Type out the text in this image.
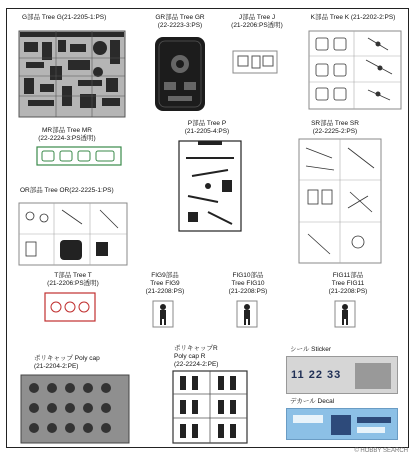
G部品 Tree G(21-2205-1:PS)	GR部品 Tree GR
(22-2223-3:PS)
J部品 Tree J
(21-2206:PS透明)
K部品 Tree K (21-2202-2:PS)
MR部品 Tree MR
(22-2224-3:PS透明)
P部品 Tree P
(21-2205-4:PS)
SR部品 Tree SR
(22-2225-2:PS)
OR部品 Tree OR(22-2225-1:PS)
T部品 Tree T
(21-2206:PS透明)
FIG9部品
Tree FIG9
(21-2208:PS)
FIG10部品
Tree FIG10
(21-2208:PS)
FIG11部品
Tree FIG11
(21-2208:PS)
ポリキャップ Poly cap
(21-2204-2:PE)
ポリキャップR
Poly cap R
(22-2224-2:PE)
シール Sticker
デカール Decal
11 22 33
© HOBBY SEARCH
